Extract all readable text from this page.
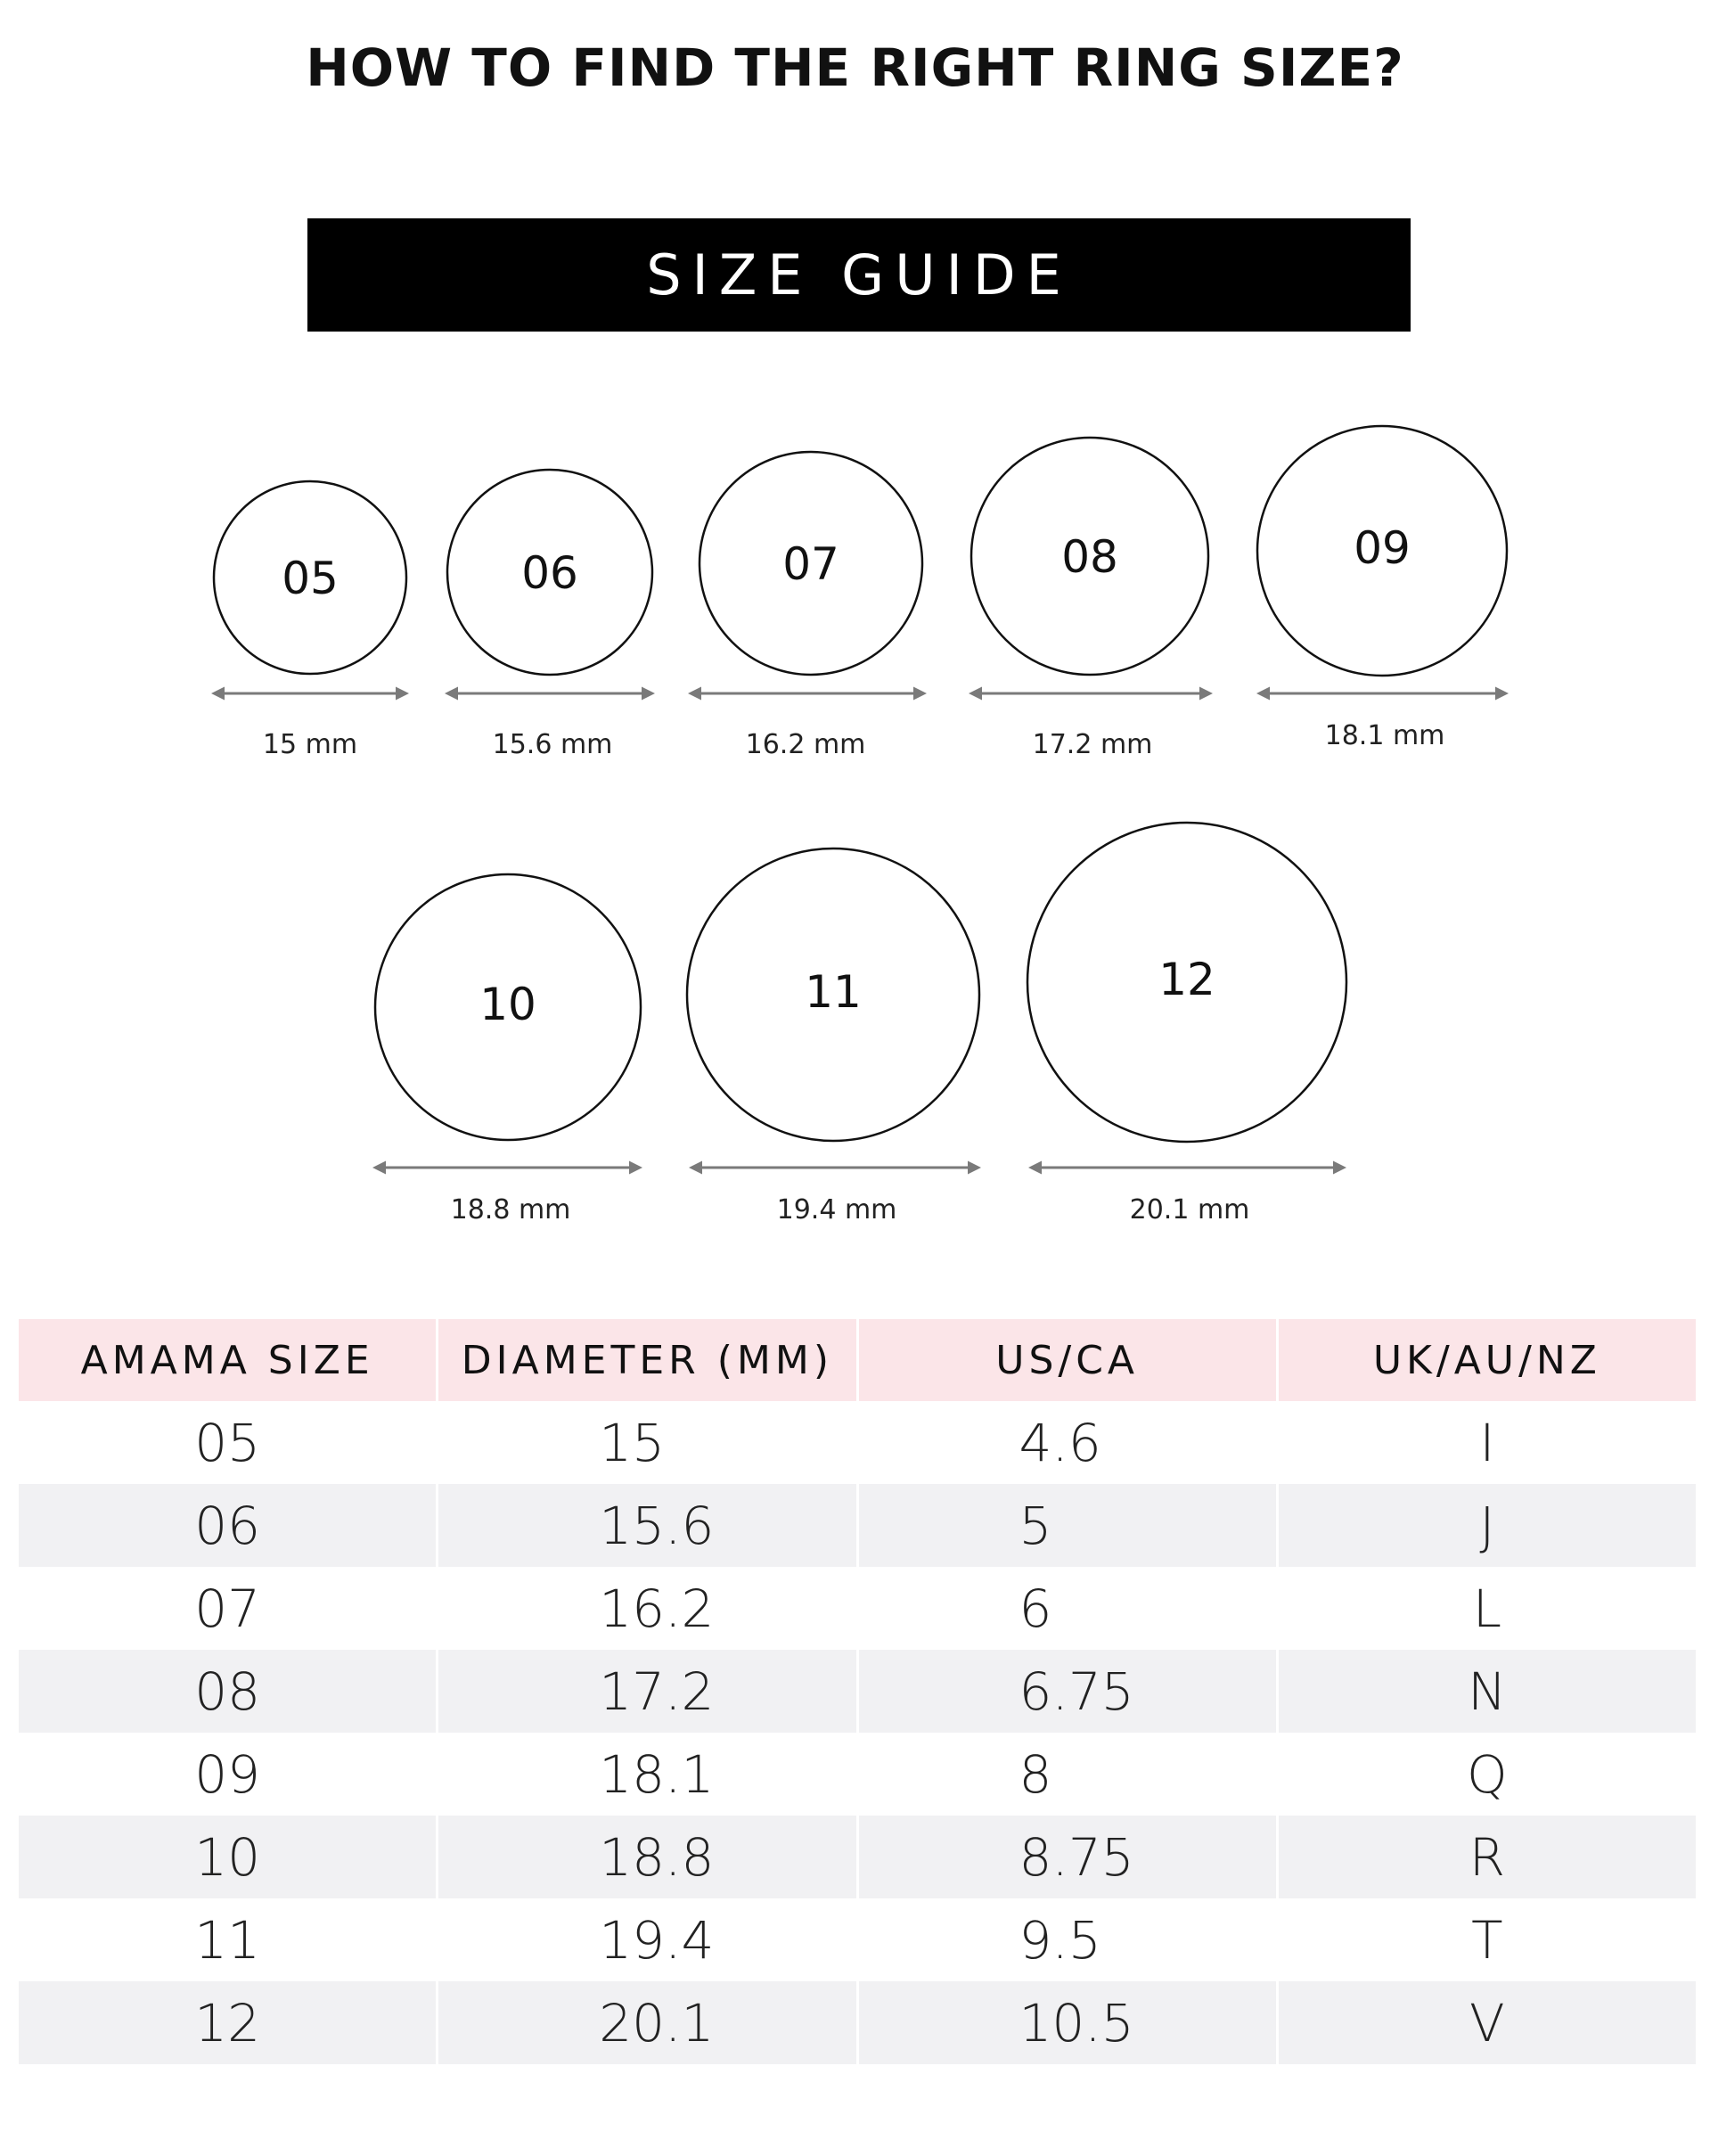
HOW TO FIND THE RIGHT RING SIZE?
SIZE GUIDE
05
15 mm
06
15.6 mm
07
16.2 mm
08
17.2 mm
09
18.1 mm
10
18.8 mm
11
19.4 mm
12
20.1 mm
AMAMA SIZE	DIAMETER (MM)	US/CA	UK/AU/NZ
05	15	4.6	I
06	15.6	5	J
07	16.2	6	L
08	17.2	6.75	N
09	18.1	8	Q
10	18.8	8.75	R
11	19.4	9.5	T
12	20.1	10.5	V
